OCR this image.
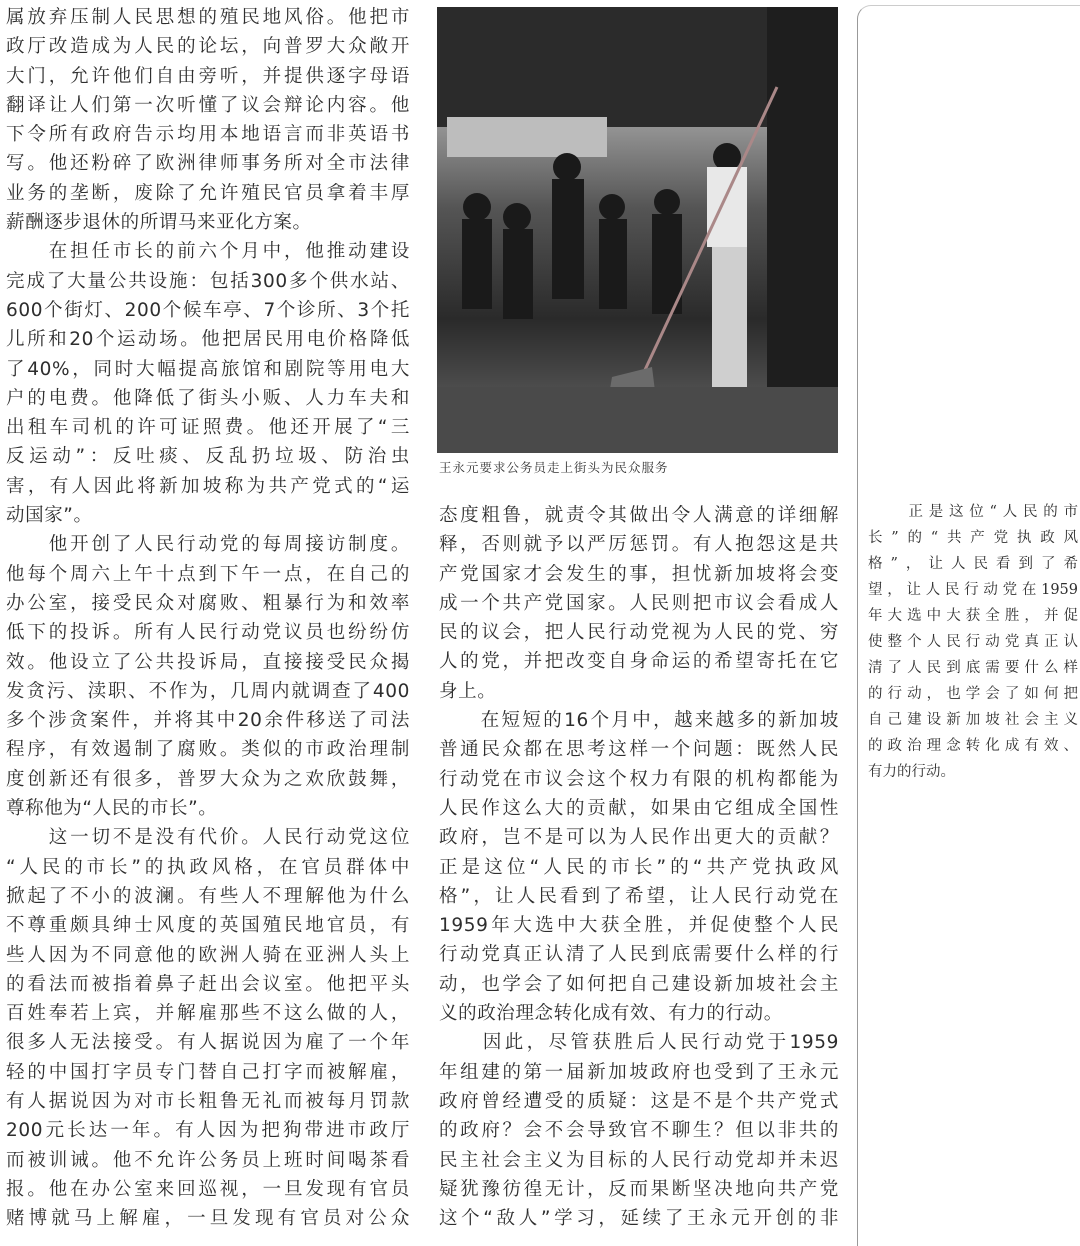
属放弃压制人民思想的殖民地风俗。他把市
政厅改造成为人民的论坛，向普罗大众敞开
大门，允许他们自由旁听，并提供逐字母语
翻译让人们第一次听懂了议会辩论内容。他
下令所有政府告示均用本地语言而非英语书
写。他还粉碎了欧洲律师事务所对全市法律
业务的垄断，废除了允许殖民官员拿着丰厚
薪酬逐步退休的所谓马来亚化方案。
　　在担任市长的前六个月中，他推动建设
完成了大量公共设施：包括300多个供水站、
600个街灯、200个候车亭、7个诊所、3个托
儿所和20个运动场。他把居民用电价格降低
了40%，同时大幅提高旅馆和剧院等用电大
户的电费。他降低了街头小贩、人力车夫和
出租车司机的许可证照费。他还开展了“三
反运动”：反吐痰、反乱扔垃圾、防治虫
害，有人因此将新加坡称为共产党式的“运
动国家”。
　　他开创了人民行动党的每周接访制度。
他每个周六上午十点到下午一点，在自己的
办公室，接受民众对腐败、粗暴行为和效率
低下的投诉。所有人民行动党议员也纷纷仿
效。他设立了公共投诉局，直接接受民众揭
发贪污、渎职、不作为，几周内就调查了400
多个涉贪案件，并将其中20余件移送了司法
程序，有效遏制了腐败。类似的市政治理制
度创新还有很多，普罗大众为之欢欣鼓舞，
尊称他为“人民的市长”。
　　这一切不是没有代价。人民行动党这位
“人民的市长”的执政风格，在官员群体中
掀起了不小的波澜。有些人不理解他为什么
不尊重颇具绅士风度的英国殖民地官员，有
些人因为不同意他的欧洲人骑在亚洲人头上
的看法而被指着鼻子赶出会议室。他把平头
百姓奉若上宾，并解雇那些不这么做的人，
很多人无法接受。有人据说因为雇了一个年
轻的中国打字员专门替自己打字而被解雇，
有人据说因为对市长粗鲁无礼而被每月罚款
200元长达一年。有人因为把狗带进市政厅
而被训诫。他不允许公务员上班时间喝茶看
报。他在办公室来回巡视，一旦发现有官员
赌博就马上解雇，一旦发现有官员对公众
王永元要求公务员走上街头为民众服务
态度粗鲁，就责令其做出令人满意的详细解
释，否则就予以严厉惩罚。有人抱怨这是共
产党国家才会发生的事，担忧新加坡将会变
成一个共产党国家。人民则把市议会看成人
民的议会，把人民行动党视为人民的党、穷
人的党，并把改变自身命运的希望寄托在它
身上。
　　在短短的16个月中，越来越多的新加坡
普通民众都在思考这样一个问题：既然人民
行动党在市议会这个权力有限的机构都能为
人民作这么大的贡献，如果由它组成全国性
政府，岂不是可以为人民作出更大的贡献？
正是这位“人民的市长”的“共产党执政风
格”，让人民看到了希望，让人民行动党在
1959年大选中大获全胜，并促使整个人民
行动党真正认清了人民到底需要什么样的行
动，也学会了如何把自己建设新加坡社会主
义的政治理念转化成有效、有力的行动。
　　因此，尽管获胜后人民行动党于1959
年组建的第一届新加坡政府也受到了王永元
政府曾经遭受的质疑：这是不是个共产党式
的政府？会不会导致官不聊生？但以非共的
民主社会主义为目标的人民行动党却并未迟
疑犹豫彷徨无计，反而果断坚决地向共产党
这个“敌人”学习，延续了王永元开创的非
　　正是这位“人民的市
长”的“共产党执政风
格”，让人民看到了希
望，让人民行动党在1959
年大选中大获全胜，并促
使整个人民行动党真正认
清了人民到底需要什么样
的行动，也学会了如何把
自己建设新加坡社会主义
的政治理念转化成有效、
有力的行动。
